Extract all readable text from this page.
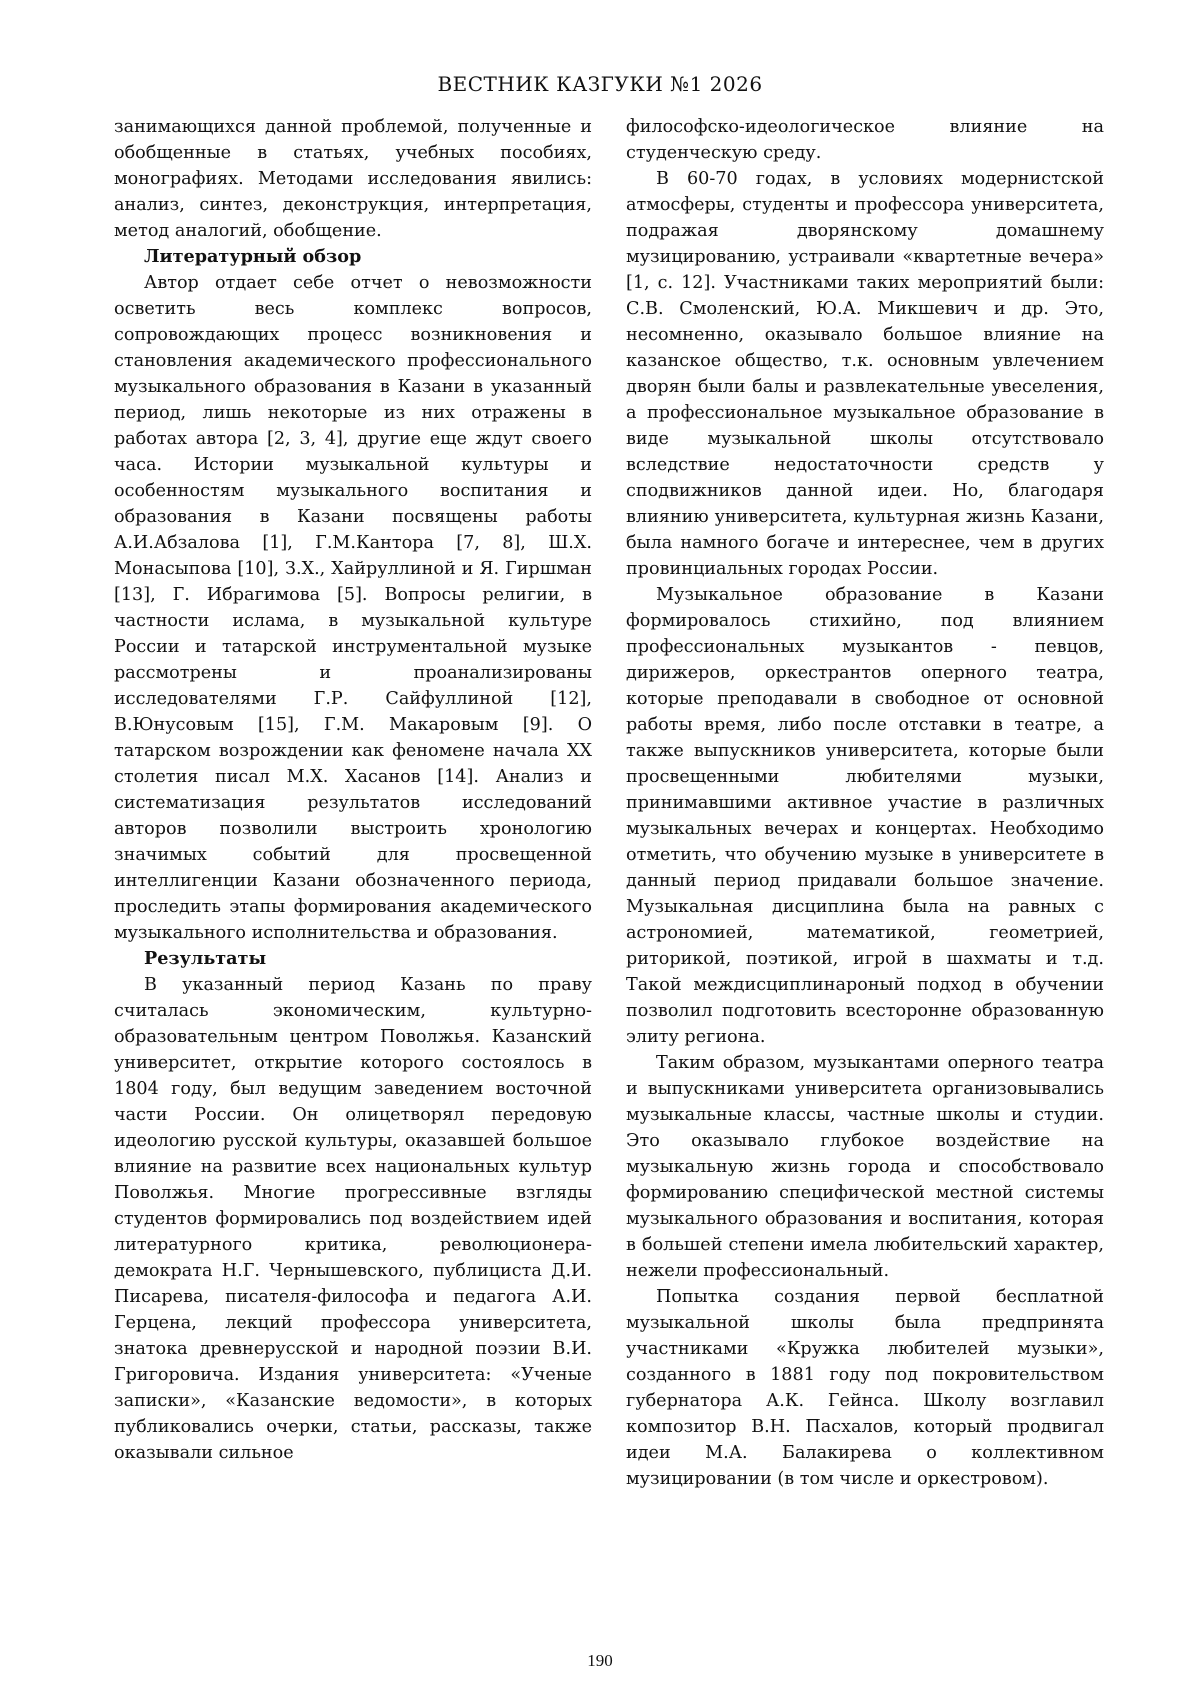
ВЕСТНИК КАЗГУКИ №1 2026

занимающихся данной проблемой, полученные и обобщенные в статьях, учебных пособиях, монографиях. Методами исследования явились: анализ, синтез, деконструкция, интерпретация, метод аналогий, обобщение.

Литературный обзор

Автор отдает себе отчет о невозможности осветить весь комплекс вопросов, сопровождающих процесс возникновения и становления академического профессионального музыкального образования в Казани в указанный период, лишь некоторые из них отражены в работах автора [2, 3, 4], другие еще ждут своего часа. Истории музыкальной культуры и особенностям музыкального воспитания и образования в Казани посвящены работы А.И.Абзалова [1], Г.М.Кантора [7, 8], Ш.Х. Монасыпова [10], З.Х., Хайруллиной и Я. Гиршман [13], Г. Ибрагимова [5]. Вопросы религии, в частности ислама, в музыкальной культуре России и татарской инструментальной музыке рассмотрены и проанализированы исследователями Г.Р. Сайфуллиной [12], В.Юнусовым [15], Г.М. Макаровым [9]. О татарском возрождении как феномене начала XX столетия писал М.Х. Хасанов [14]. Анализ и систематизация результатов исследований авторов позволили выстроить хронологию значимых событий для просвещенной интеллигенции Казани обозначенного периода, проследить этапы формирования академического музыкального исполнительства и образования.

Результаты

В указанный период Казань по праву считалась экономическим, культурно-образовательным центром Поволжья. Казанский университет, открытие которого состоялось в 1804 году, был ведущим заведением восточной части России. Он олицетворял передовую идеологию русской культуры, оказавшей большое влияние на развитие всех национальных культур Поволжья. Многие прогрессивные взгляды студентов формировались под воздействием идей литературного критика, революционера-демократа Н.Г. Чернышевского, публициста Д.И. Писарева, писателя-философа и педагога А.И. Герцена, лекций профессора университета, знатока древнерусской и народной поэзии В.И. Григоровича. Издания университета: «Ученые записки», «Казанские ведомости», в которых публиковались очерки, статьи, рассказы, также оказывали сильное

философско-идеологическое влияние на студенческую среду.

В 60-70 годах, в условиях модернистской атмосферы, студенты и профессора университета, подражая дворянскому домашнему музицированию, устраивали «квартетные вечера» [1, с. 12]. Участниками таких мероприятий были: С.В. Смоленский, Ю.А. Микшевич и др. Это, несомненно, оказывало большое влияние на казанское общество, т.к. основным увлечением дворян были балы и развлекательные увеселения, а профессиональное музыкальное образование в виде музыкальной школы отсутствовало вследствие недостаточности средств у сподвижников данной идеи. Но, благодаря влиянию университета, культурная жизнь Казани, была намного богаче и интереснее, чем в других провинциальных городах России.

Музыкальное образование в Казани формировалось стихийно, под влиянием профессиональных музыкантов - певцов, дирижеров, оркестрантов оперного театра, которые преподавали в свободное от основной работы время, либо после отставки в театре, а также выпускников университета, которые были просвещенными любителями музыки, принимавшими активное участие в различных музыкальных вечерах и концертах. Необходимо отметить, что обучению музыке в университете в данный период придавали большое значение. Музыкальная дисциплина была на равных с астрономией, математикой, геометрией, риторикой, поэтикой, игрой в шахматы и т.д. Такой междисциплинароный подход в обучении позволил подготовить всесторонне образованную элиту региона.

Таким образом, музыкантами оперного театра и выпускниками университета организовывались музыкальные классы, частные школы и студии. Это оказывало глубокое воздействие на музыкальную жизнь города и способствовало формированию специфической местной системы музыкального образования и воспитания, которая в большей степени имела любительский характер, нежели профессиональный.

Попытка создания первой бесплатной музыкальной школы была предпринята участниками «Кружка любителей музыки», созданного в 1881 году под покровительством губернатора А.К. Гейнса. Школу возглавил композитор В.Н. Пасхалов, который продвигал идеи М.А. Балакирева о коллективном музицировании (в том числе и оркестровом).

190
